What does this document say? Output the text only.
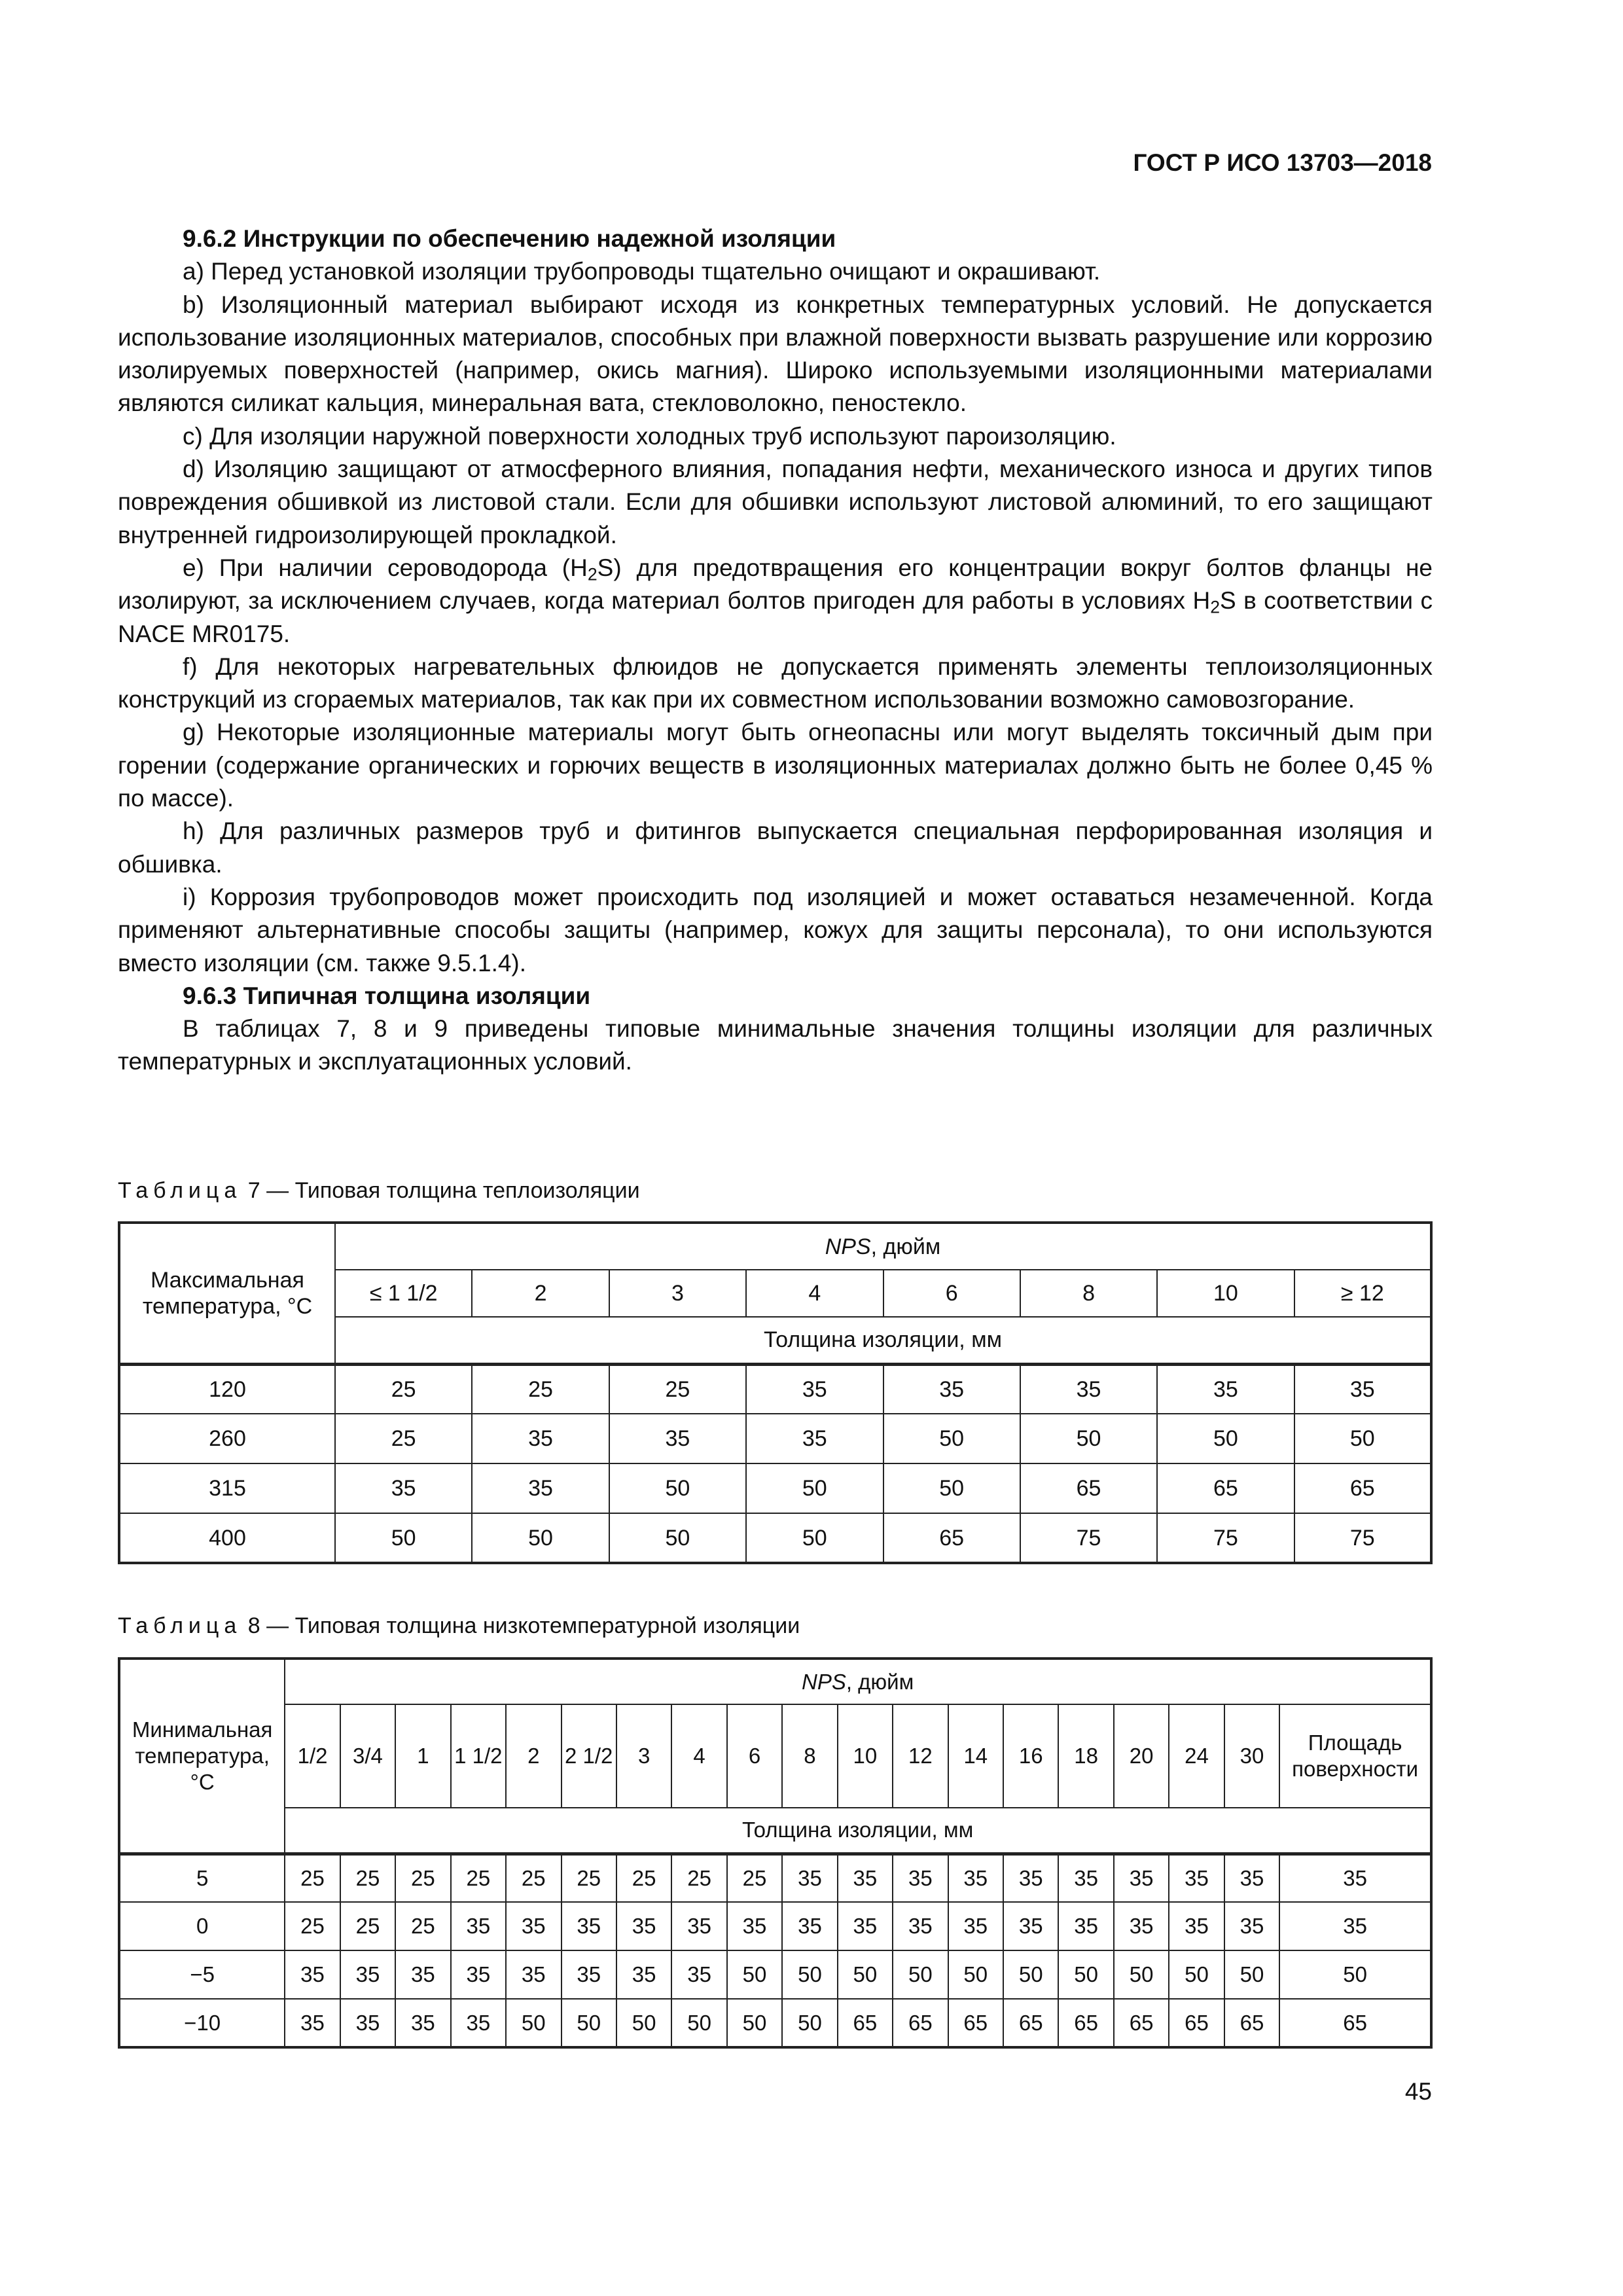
ГОСТ Р ИСО 13703—2018

9.6.2 Инструкции по обеспечению надежной изоляции

a) Перед установкой изоляции трубопроводы тщательно очищают и окрашивают.

b) Изоляционный материал выбирают исходя из конкретных температурных условий. Не допускается использование изоляционных материалов, способных при влажной поверхности вызвать разрушение или коррозию изолируемых поверхностей (например, окись магния). Широко используемыми изоляционными материалами являются силикат кальция, минеральная вата, стекловолокно, пеностекло.

c) Для изоляции наружной поверхности холодных труб используют пароизоляцию.

d) Изоляцию защищают от атмосферного влияния, попадания нефти, механического износа и других типов повреждения обшивкой из листовой стали. Если для обшивки используют листовой алюминий, то его защищают внутренней гидроизолирующей прокладкой.

e) При наличии сероводорода $(H_2S)$ для предотвращения его концентрации вокруг болтов фланцы не изолируют, за исключением случаев, когда материал болтов пригоден для работы в условиях $H_2S$ в соответствии с NACE MR0175.

f) Для некоторых нагревательных флюидов не допускается применять элементы теплоизоляционных конструкций из сгораемых материалов, так как при их совместном использовании возможно самовозгорание.

g) Некоторые изоляционные материалы могут быть огнеопасны или могут выделять токсичный дым при горении (содержание органических и горючих веществ в изоляционных материалах должно быть не более 0,45 % по массе).

h) Для различных размеров труб и фитингов выпускается специальная перфорированная изоляция и обшивка.

i) Коррозия трубопроводов может происходить под изоляцией и может оставаться незамеченной. Когда применяют альтернативные способы защиты (например, кожух для защиты персонала), то они используются вместо изоляции (см. также 9.5.1.4).

9.6.3 Типичная толщина изоляции

В таблицах 7, 8 и 9 приведены типовые минимальные значения толщины изоляции для различных температурных и эксплуатационных условий.

Таблица 7 — Типовая толщина теплоизоляции
Максимальная температура, °C	NPS, дюйм							
	≤ 1 1/2	2	3	4	6	8	10	≥ 12
	Толщина изоляции, мм							
120	25	25	25	35	35	35	35	35
260	25	35	35	35	50	50	50	50
315	35	35	50	50	50	65	65	65
400	50	50	50	50	65	75	75	75
Таблица 8 — Типовая толщина низкотемпературной изоляции
Минимальная температура, °C	NPS, дюйм																		
	1/2	3/4	1	1 1/2	2	2 1/2	3	4	6	8	10	12	14	16	18	20	24	30	Площадь поверхности
	Толщина изоляции, мм																		
5	25	25	25	25	25	25	25	25	25	35	35	35	35	35	35	35	35	35	35
0	25	25	25	35	35	35	35	35	35	35	35	35	35	35	35	35	35	35	35
−5	35	35	35	35	35	35	35	35	50	50	50	50	50	50	50	50	50	50	50
−10	35	35	35	35	50	50	50	50	50	50	65	65	65	65	65	65	65	65	65
45
